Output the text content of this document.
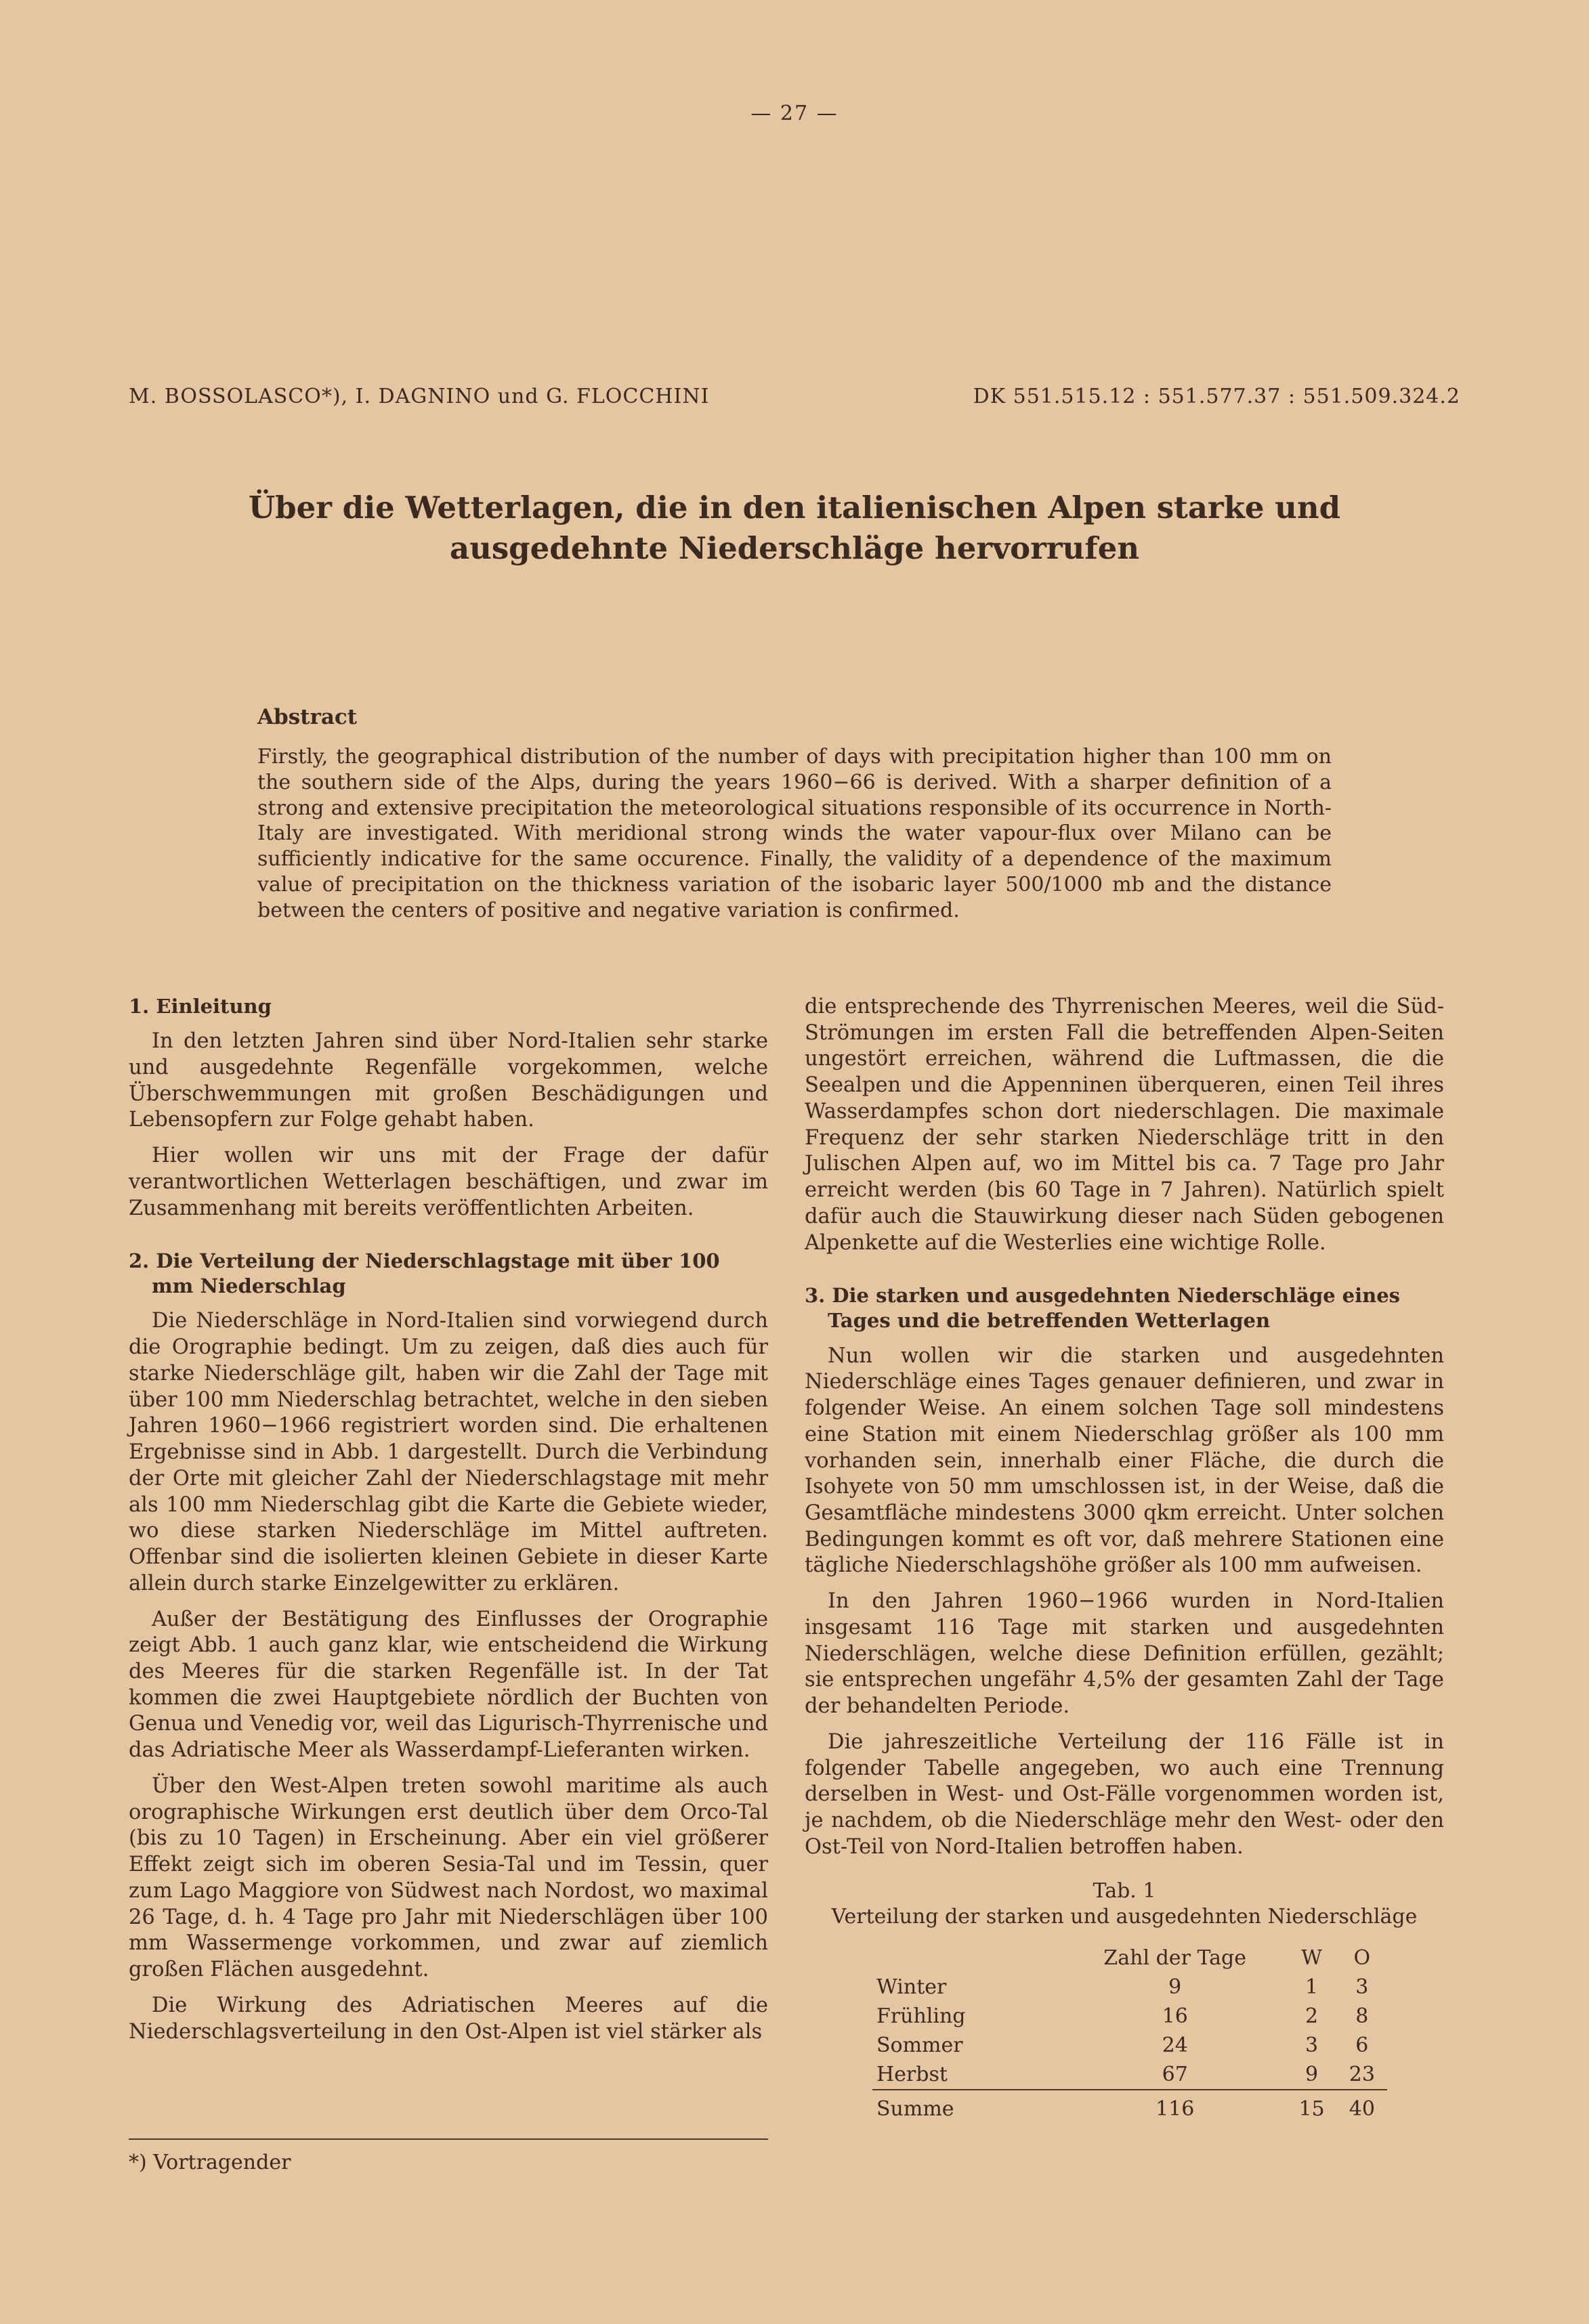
— 27 —
M. BOSSOLASCO*), I. DAGNINO und G. FLOCCHINI	DK 551.515.12 : 551.577.37 : 551.509.324.2
Über die Wetterlagen, die in den italienischen Alpen starke und
ausgedehnte Niederschläge hervorrufen
Abstract
Firstly, the geographical distribution of the number of days with precipitation higher than 100 mm on the southern side of the Alps, during the years 1960−66 is derived. With a sharper definition of a strong and extensive precipitation the meteorological situations responsible of its occurrence in North-Italy are investigated. With meridional strong winds the water vapour-flux over Milano can be sufficiently indicative for the same occurence. Finally, the validity of a dependence of the maximum value of precipitation on the thickness variation of the isobaric layer 500/1000 mb and the distance between the centers of positive and negative variation is confirmed.
1. Einleitung

In den letzten Jahren sind über Nord-Italien sehr starke und ausgedehnte Regenfälle vorgekommen, welche Überschwemmungen mit großen Beschädigungen und Lebensopfern zur Folge gehabt haben.

Hier wollen wir uns mit der Frage der dafür verantwortlichen Wetterlagen beschäftigen, und zwar im Zusammenhang mit bereits veröffentlichten Arbeiten.

2. Die Verteilung der Niederschlagstage mit über 100 mm Niederschlag

Die Niederschläge in Nord-Italien sind vorwiegend durch die Orographie bedingt. Um zu zeigen, daß dies auch für starke Niederschläge gilt, haben wir die Zahl der Tage mit über 100 mm Niederschlag betrachtet, welche in den sieben Jahren 1960−1966 registriert worden sind. Die erhaltenen Ergebnisse sind in Abb. 1 dargestellt. Durch die Verbindung der Orte mit gleicher Zahl der Niederschlagstage mit mehr als 100 mm Niederschlag gibt die Karte die Gebiete wieder, wo diese starken Niederschläge im Mittel auftreten. Offenbar sind die isolierten kleinen Gebiete in dieser Karte allein durch starke Einzelgewitter zu erklären.

Außer der Bestätigung des Einflusses der Orographie zeigt Abb. 1 auch ganz klar, wie entscheidend die Wirkung des Meeres für die starken Regenfälle ist. In der Tat kommen die zwei Hauptgebiete nördlich der Buchten von Genua und Venedig vor, weil das Ligurisch-Thyrrenische und das Adriatische Meer als Wasserdampf-Lieferanten wirken.

Über den West-Alpen treten sowohl maritime als auch orographische Wirkungen erst deutlich über dem Orco-Tal (bis zu 10 Tagen) in Erscheinung. Aber ein viel größerer Effekt zeigt sich im oberen Sesia-Tal und im Tessin, quer zum Lago Maggiore von Südwest nach Nordost, wo maximal 26 Tage, d. h. 4 Tage pro Jahr mit Niederschlägen über 100 mm Wassermenge vorkommen, und zwar auf ziemlich großen Flächen ausgedehnt.

Die Wirkung des Adriatischen Meeres auf die Niederschlagsverteilung in den Ost-Alpen ist viel stärker als

*) Vortragender

die entsprechende des Thyrrenischen Meeres, weil die Süd-Strömungen im ersten Fall die betreffenden Alpen-Seiten ungestört erreichen, während die Luftmassen, die die Seealpen und die Appenninen überqueren, einen Teil ihres Wasserdampfes schon dort niederschlagen. Die maximale Frequenz der sehr starken Niederschläge tritt in den Julischen Alpen auf, wo im Mittel bis ca. 7 Tage pro Jahr erreicht werden (bis 60 Tage in 7 Jahren). Natürlich spielt dafür auch die Stauwirkung dieser nach Süden gebogenen Alpenkette auf die Westerlies eine wichtige Rolle.

3. Die starken und ausgedehnten Niederschläge eines Tages und die betreffenden Wetterlagen

Nun wollen wir die starken und ausgedehnten Niederschläge eines Tages genauer definieren, und zwar in folgender Weise. An einem solchen Tage soll mindestens eine Station mit einem Niederschlag größer als 100 mm vorhanden sein, innerhalb einer Fläche, die durch die Isohyete von 50 mm umschlossen ist, in der Weise, daß die Gesamtfläche mindestens 3000 qkm erreicht. Unter solchen Bedingungen kommt es oft vor, daß mehrere Stationen eine tägliche Niederschlagshöhe größer als 100 mm aufweisen.

In den Jahren 1960−1966 wurden in Nord-Italien insgesamt 116 Tage mit starken und ausgedehnten Niederschlägen, welche diese Definition erfüllen, gezählt; sie entsprechen ungefähr 4,5% der gesamten Zahl der Tage der behandelten Periode.

Die jahreszeitliche Verteilung der 116 Fälle ist in folgender Tabelle angegeben, wo auch eine Trennung derselben in West- und Ost-Fälle vorgenommen worden ist, je nachdem, ob die Niederschläge mehr den West- oder den Ost-Teil von Nord-Italien betroffen haben.

Tab. 1
Verteilung der starken und ausgedehnten Niederschläge
	Zahl der Tage	W	O
Winter	9	1	3
Frühling	16	2	8
Sommer	24	3	6
Herbst	67	9	23
Summe	116	15	40
